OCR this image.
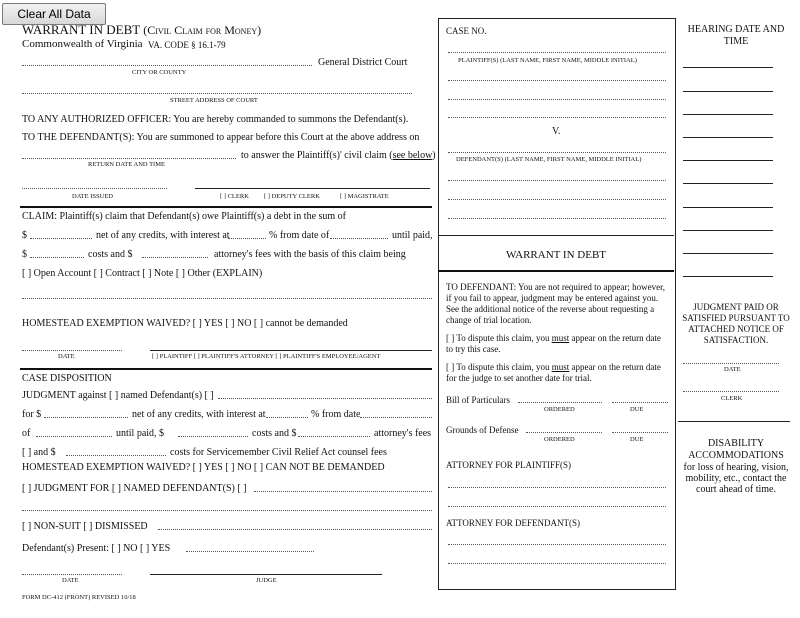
Clear All Data
WARRANT IN DEBT (Civil Claim for Money)
Commonwealth of Virginia VA. CODE § 16.1-79
General District Court
CITY OR COUNTY
STREET ADDRESS OF COURT
TO ANY AUTHORIZED OFFICER: You are hereby commanded to summons the Defendant(s).
TO THE DEFENDANT(S): You are summoned to appear before this Court at the above address on
to answer the Plaintiff(s)' civil claim (see below)
RETURN DATE AND TIME
DATE ISSUED	[ ] CLERK [ ] DEPUTY CLERK	[ ] MAGISTRATE
CLAIM: Plaintiff(s) claim that Defendant(s) owe Plaintiff(s) a debt in the sum of
$	net of any credits, with interest at	% from date of	until paid,
$	costs and $	attorney's fees with the basis of this claim being
[ ] Open Account [ ] Contract [ ] Note [ ] Other (EXPLAIN)
HOMESTEAD EXEMPTION WAIVED? [ ] YES [ ] NO [ ] cannot be demanded
DATE	[ ] PLAINTIFF [ ] PLAINTIFF'S ATTORNEY [ ] PLAINTIFF'S EMPLOYEE/AGENT
CASE DISPOSITION
JUDGMENT against [ ] named Defendant(s) [ ]
for $	net of any credits, with interest at	% from date
of	until paid, $	costs and $	attorney's fees
[ ] and $	costs for Servicemember Civil Relief Act counsel fees
HOMESTEAD EXEMPTION WAIVED? [ ] YES [ ] NO [ ] CAN NOT BE DEMANDED
[ ] JUDGMENT FOR [ ] NAMED DEFENDANT(S) [ ]
[ ] NON-SUIT [ ] DISMISSED
Defendant(s) Present: [ ] NO [ ] YES
DATE	JUDGE
FORM DC-412 (FRONT) REVISED 10/18
CASE NO.
PLAINTIFF(S) (LAST NAME, FIRST NAME, MIDDLE INITIAL)
V.
DEFENDANT(S) (LAST NAME, FIRST NAME, MIDDLE INITIAL)
WARRANT IN DEBT
TO DEFENDANT: You are not required to appear; however, if you fail to appear, judgment may be entered against you. See the additional notice of the reverse about requesting a change of trial location.
[ ] To dispute this claim, you must appear on the return date to try this case.
[ ] To dispute this claim, you must appear on the return date for the judge to set another date for trial.
Bill of Particulars
ORDERED	DUE
Grounds of Defense
ORDERED	DUE
ATTORNEY FOR PLAINTIFF(S)
ATTORNEY FOR DEFENDANT(S)
HEARING DATE AND TIME
JUDGMENT PAID OR SATISFIED PURSUANT TO ATTACHED NOTICE OF SATISFACTION.
DATE
CLERK
DISABILITY ACCOMMODATIONS
for loss of hearing, vision, mobility, etc., contact the court ahead of time.
